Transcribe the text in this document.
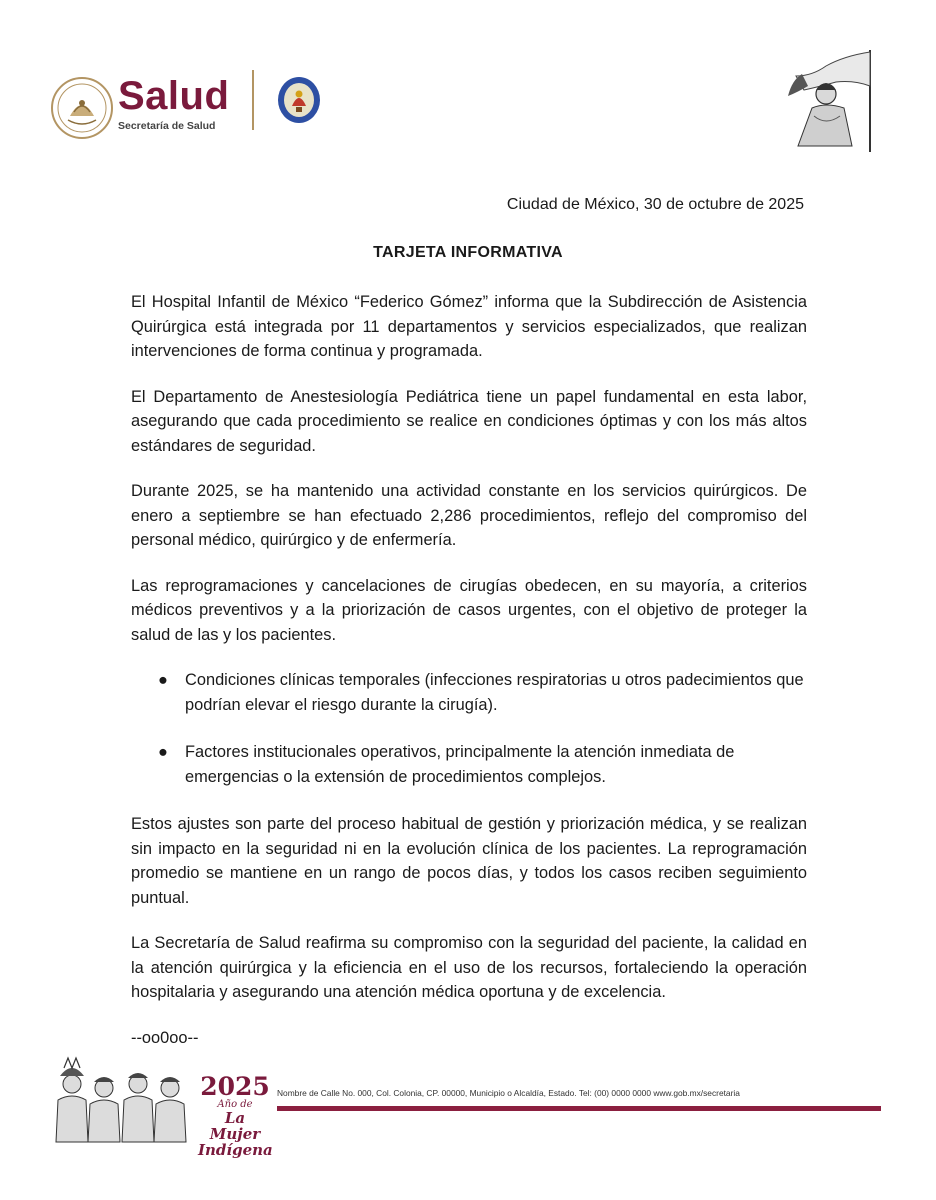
Salud
Secretaría de Salud
Ciudad de México, 30 de octubre de 2025
TARJETA INFORMATIVA

El Hospital Infantil de México “Federico Gómez” informa que la Subdirección de Asistencia Quirúrgica está integrada por 11 departamentos y servicios especializados, que realizan intervenciones de forma continua y programada.

El Departamento de Anestesiología Pediátrica tiene un papel fundamental en esta labor, asegurando que cada procedimiento se realice en condiciones óptimas y con los más altos estándares de seguridad.

Durante 2025, se ha mantenido una actividad constante en los servicios quirúrgicos. De enero a septiembre se han efectuado 2,286 procedimientos, reflejo del compromiso del personal médico, quirúrgico y de enfermería.

Las reprogramaciones y cancelaciones de cirugías obedecen, en su mayoría, a criterios médicos preventivos y a la priorización de casos urgentes, con el objetivo de proteger la salud de las y los pacientes.

● Condiciones clínicas temporales (infecciones respiratorias u otros padecimientos que podrían elevar el riesgo durante la cirugía).
● Factores institucionales operativos, principalmente la atención inmediata de emergencias o la extensión de procedimientos complejos.

Estos ajustes son parte del proceso habitual de gestión y priorización médica, y se realizan sin impacto en la seguridad ni en la evolución clínica de los pacientes. La reprogramación promedio se mantiene en un rango de pocos días, y todos los casos reciben seguimiento puntual.

La Secretaría de Salud reafirma su compromiso con la seguridad del paciente, la calidad en la atención quirúrgica y la eficiencia en el uso de los recursos, fortaleciendo la operación hospitalaria y asegurando una atención médica oportuna y de excelencia.

--oo0oo--

2025
Año de
La Mujer
Indígena
Nombre de Calle No. 000, Col. Colonia, CP. 00000, Municipio o Alcaldía, Estado. Tel: (00) 0000 0000 www.gob.mx/secretaria
